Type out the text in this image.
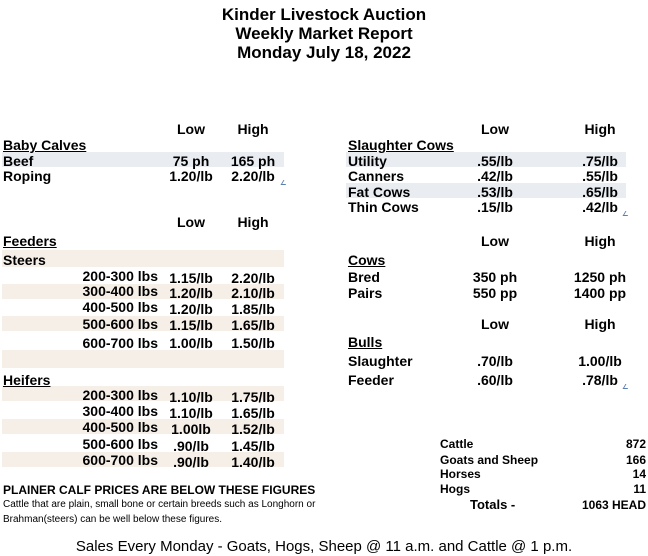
Kinder Livestock Auction
Weekly Market Report
Monday July 18, 2022
Low	High
Baby Calves
Beef	75 ph	165 ph
Roping	1.20/lb	2.20/lb
Low	High
Feeders
Steers
200-300 lbs 1.15/lb	2.20/lb
300-400 lbs 1.20/lb	2.10/lb
400-500 lbs 1.20/lb	1.85/lb
500-600 lbs 1.15/lb	1.65/lb
600-700 lbs 1.00/lb	1.50/lb
Heifers
200-300 lbs 1.10/lb	1.75/lb
300-400 lbs 1.10/lb	1.65/lb
400-500 lbs 1.00lb	1.52/lb
500-600 lbs	.90/lb	1.45/lb
600-700 lbs	.90/lb	1.40/lb
PLAINER CALF PRICES ARE BELOW THESE FIGURES
Cattle that are plain, small bone or certain breeds such as Longhorn or
Brahman(steers) can be well below these figures.
Low	High
Slaughter Cows
Utility	.55/lb	.75/lb
Canners	.42/lb	.55/lb
Fat Cows	.53/lb	.65/lb
Thin Cows	.15/lb	.42/lb
Low	High
Cows
Bred	350 ph	1250 ph
Pairs	550 pp	1400 pp
Low	High
Bulls
Slaughter	.70/lb	1.00/lb
Feeder	.60/lb	.78/lb
Cattle	872
Goats and Sheep	166
Horses	14
Hogs	11
Totals -	1063 HEAD
Sales Every Monday - Goats, Hogs, Sheep @ 11 a.m. and Cattle @ 1 p.m.
